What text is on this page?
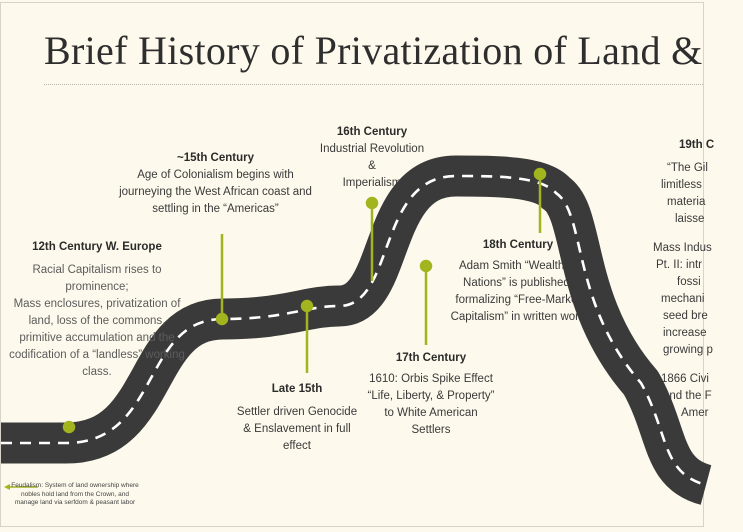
Brief History of Privatization of Land &
12th Century W. Europe
Racial Capitalism rises to prominence;
Mass enclosures, privatization of land, loss of the commons, primitive accumulation and the codification of a “landless” working class.
~15th Century
Age of Colonialism begins with journeying the West African coast and settling in the “Americas”
Late 15th
Settler driven Genocide & Enslavement in full effect
16th Century
Industrial Revolution
&
Imperialism
17th Century
1610: Orbis Spike Effect
“Life, Liberty, & Property” to White American Settlers
18th Century
Adam Smith “Wealth of Nations” is published, formalizing “Free-Market Capitalism” in written word
19th C
“The Gil
limitless
materia
laisse
Mass Indus
Pt. II: intr
fossi
mechani
seed bre
increase
growing p
1866 Civi
and the F
Amer
Feudalism: System of land ownership where nobles hold land from the Crown, and manage land via serfdom & peasant labor
